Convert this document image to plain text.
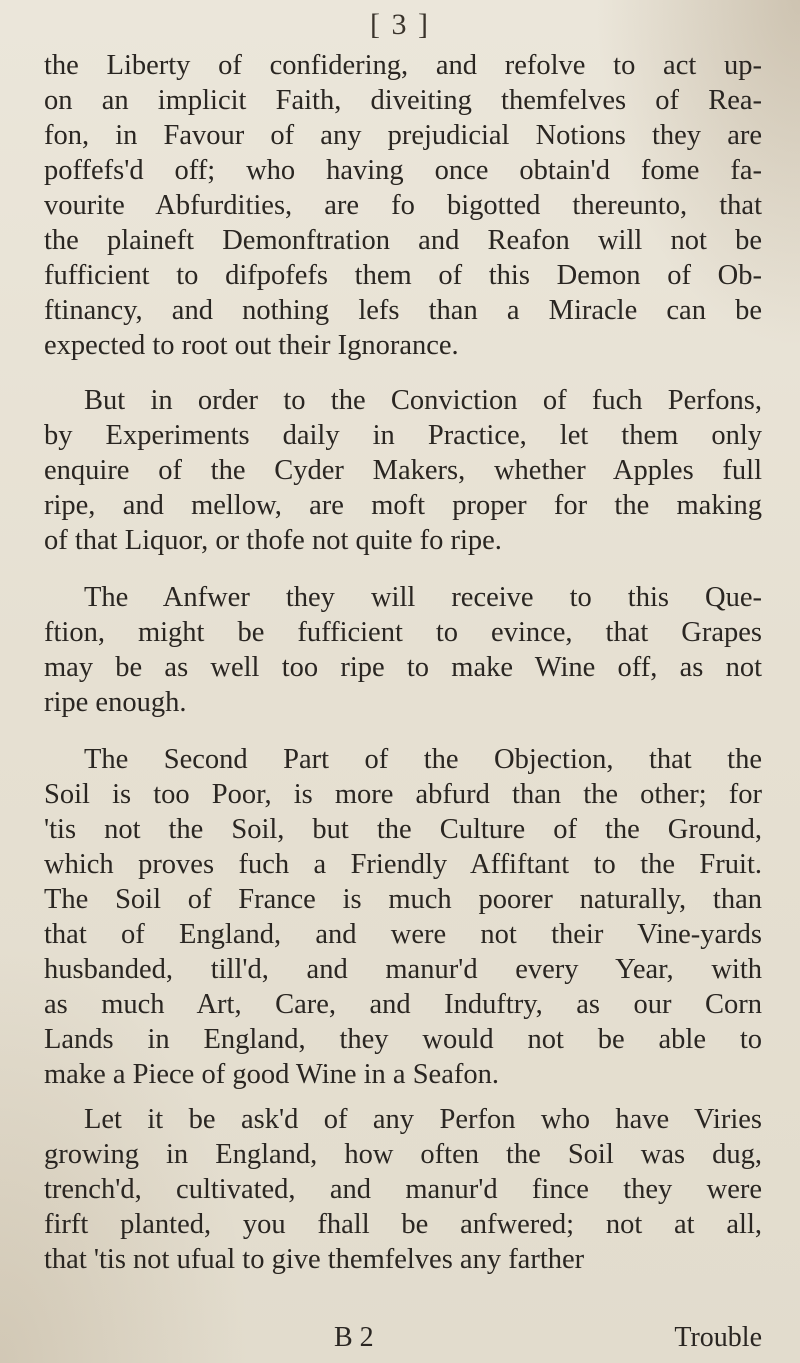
[ 3 ]
the Liberty of confidering, and refolve to act up-
on an implicit Faith, diveiting themfelves of Rea-
fon, in Favour of any prejudicial Notions they are
poffefs'd off; who having once obtain'd fome fa-
vourite Abfurdities, are fo bigotted thereunto, that
the plaineft Demonftration and Reafon will not be
fufficient to difpofefs them of this Demon of Ob-
ftinancy, and nothing lefs than a Miracle can be
expected to root out their Ignorance.
But in order to the Conviction of fuch Perfons,
by Experiments daily in Practice, let them only
enquire of the Cyder Makers, whether Apples full
ripe, and mellow, are moft proper for the making
of that Liquor, or thofe not quite fo ripe.
The Anfwer they will receive to this Que-
ftion, might be fufficient to evince, that Grapes
may be as well too ripe to make Wine off, as not
ripe enough.
The Second Part of the Objection, that the
Soil is too Poor, is more abfurd than the other; for
'tis not the Soil, but the Culture of the Ground,
which proves fuch a Friendly Affiftant to the Fruit.
The Soil of France is much poorer naturally, than
that of England, and were not their Vine-yards
husbanded, till'd, and manur'd every Year, with
as much Art, Care, and Induftry, as our Corn
Lands in England, they would not be able to
make a Piece of good Wine in a Seafon.
Let it be ask'd of any Perfon who have Viries
growing in England, how often the Soil was dug,
trench'd, cultivated, and manur'd fince they were
firft planted, you fhall be anfwered; not at all,
that 'tis not ufual to give themfelves any farther
B 2	Trouble
